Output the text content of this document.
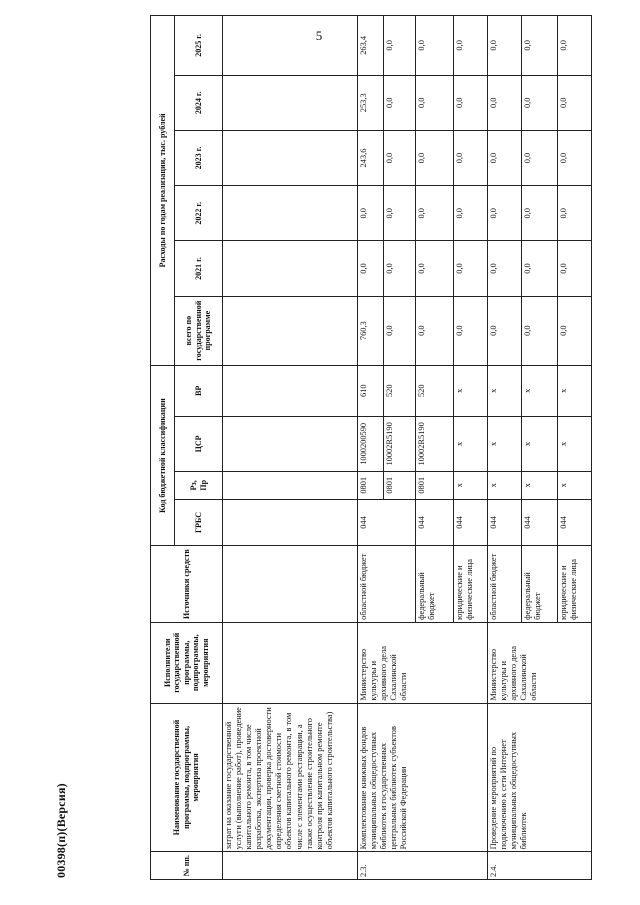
5
00398(п)(Версия)	№ пп.	Наименование государственной программы, подпрограммы, мероприятия	Исполнители государственной программы, подпрограммы, мероприятия	Источники средств	Код бюджетной классификации				Расходы по годам реализации, тыс. рублей					
				ГРБС	Рз, Пр	ЦСР	ВР	всего по государственной программе	2021 г.	2022 г.	2023 г.	2024 г.	2025 г.
	затрат на оказание государственной услуги (выполнение работ), проведение капитального ремонта, в том числе разработка, экспертиза проектной документации, проверка достоверности определения сметной стоимости объектов капитального ремонта, в том числе с элементами реставрации, а также осуществление строительного контроля при капитальном ремонте объектов капитального строительства)												
2.3.	Комплектование книжных фондов муниципальных общедоступных библиотек и государственных центральных библиотек субъектов Российской Федерации	Министерство культуры и архивного дела Сахалинской области	областной бюджет	044	0801	1000200590	610	760,3	0,0	0,0	243,6	253,3	263,4
					0801	10002R5190	520	0,0	0,0	0,0	0,0	0,0	0,0
			федеральный бюджет	044	0801	10002R5190	520	0,0	0,0	0,0	0,0	0,0	0,0
			юридические и физические лица	044	х	х	х	0,0	0,0	0,0	0,0	0,0	0,0
2.4.	Проведение мероприятий по подключению к сети Интернет муниципальных общедоступных библиотек	Министерство культуры и архивного дела Сахалинской области	областной бюджет	044	х	х	х	0,0	0,0	0,0	0,0	0,0	0,0
			федеральный бюджет	044	х	х	х	0,0	0,0	0,0	0,0	0,0	0,0
			юридические и физические лица	044	х	х	х	0,0	0,0	0,0	0,0	0,0	0,0
